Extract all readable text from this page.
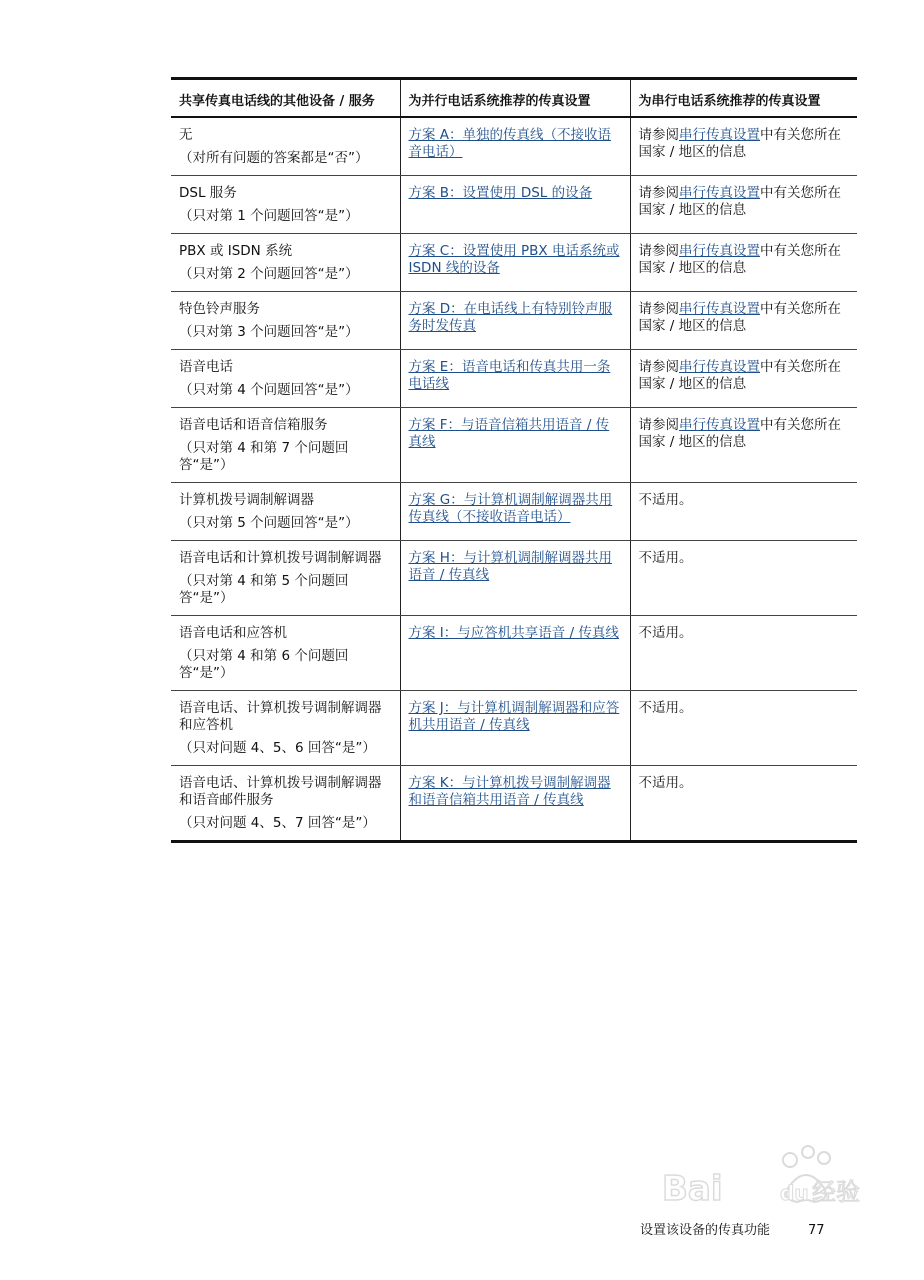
共享传真电话线的其他设备 / 服务	为并行电话系统推荐的传真设置	为串行电话系统推荐的传真设置

无
（对所有问题的答案都是“否”）	方案 A：单独的传真线（不接收语音电话）	请参阅串行传真设置中有关您所在国家 / 地区的信息

DSL 服务
（只对第 1 个问题回答“是”）	方案 B：设置使用 DSL 的设备	请参阅串行传真设置中有关您所在国家 / 地区的信息

PBX 或 ISDN 系统
（只对第 2 个问题回答“是”）	方案 C：设置使用 PBX 电话系统或 ISDN 线的设备	请参阅串行传真设置中有关您所在国家 / 地区的信息

特色铃声服务
（只对第 3 个问题回答“是”）	方案 D：在电话线上有特别铃声服务时发传真	请参阅串行传真设置中有关您所在国家 / 地区的信息

语音电话
（只对第 4 个问题回答“是”）	方案 E：语音电话和传真共用一条电话线	请参阅串行传真设置中有关您所在国家 / 地区的信息

语音电话和语音信箱服务
（只对第 4 和第 7 个问题回答“是”）	方案 F：与语音信箱共用语音 / 传真线	请参阅串行传真设置中有关您所在国家 / 地区的信息

计算机拨号调制解调器
（只对第 5 个问题回答“是”）	方案 G：与计算机调制解调器共用传真线（不接收语音电话）	不适用。

语音电话和计算机拨号调制解调器
（只对第 4 和第 5 个问题回答“是”）	方案 H：与计算机调制解调器共用语音 / 传真线	不适用。

语音电话和应答机
（只对第 4 和第 6 个问题回答“是”）	方案 I：与应答机共享语音 / 传真线	不适用。

语音电话、计算机拨号调制解调器和应答机
（只对问题 4、5、6 回答“是”）	方案 J：与计算机调制解调器和应答机共用语音 / 传真线	不适用。

语音电话、计算机拨号调制解调器和语音邮件服务
（只对问题 4、5、7 回答“是”）	方案 K：与计算机拨号调制解调器和语音信箱共用语音 / 传真线	不适用。
Bai	du 经验
设置该设备的传真功能	77
